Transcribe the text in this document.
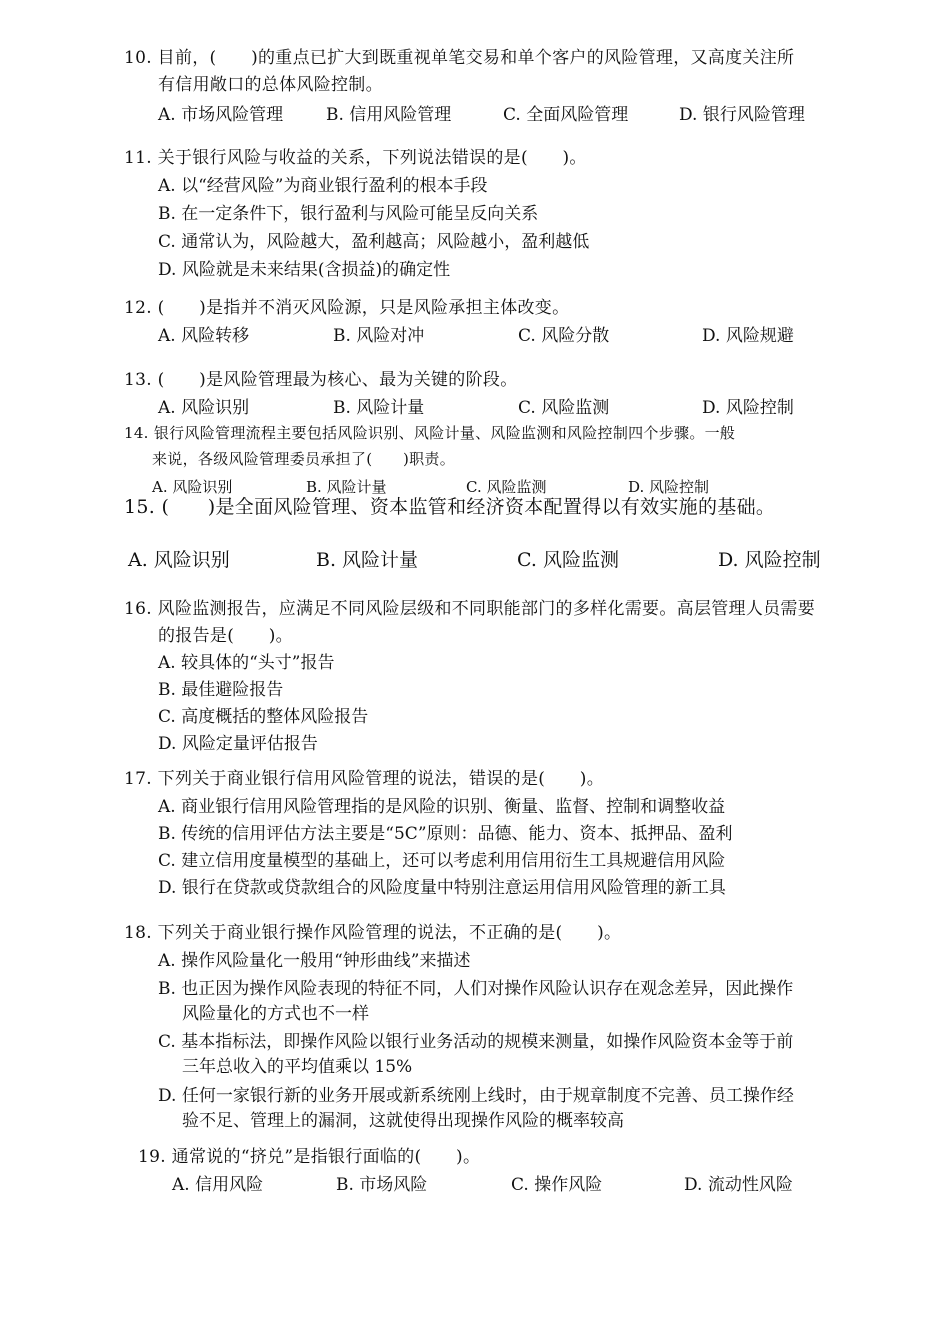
10. 目前，(　　)的重点已扩大到既重视单笔交易和单个客户的风险管理，又高度关注所
有信用敞口的总体风险控制。
A. 市场风险管理	B. 信用风险管理	C. 全面风险管理	D. 银行风险管理
11. 关于银行风险与收益的关系，下列说法错误的是(　　)。
A. 以“经营风险”为商业银行盈利的根本手段
B. 在一定条件下，银行盈利与风险可能呈反向关系
C. 通常认为，风险越大，盈利越高；风险越小，盈利越低
D. 风险就是未来结果(含损益)的确定性
12. (　　)是指并不消灭风险源，只是风险承担主体改变。
A. 风险转移	B. 风险对冲	C. 风险分散	D. 风险规避
13. (　　)是风险管理最为核心、最为关键的阶段。
A. 风险识别	B. 风险计量	C. 风险监测	D. 风险控制
14. 银行风险管理流程主要包括风险识别、风险计量、风险监测和风险控制四个步骤。一般
来说，各级风险管理委员承担了(　　)职责。
A. 风险识别	B. 风险计量	C. 风险监测	D. 风险控制
15. (　　)是全面风险管理、资本监管和经济资本配置得以有效实施的基础。
A. 风险识别	B. 风险计量	C. 风险监测	D. 风险控制
16. 风险监测报告，应满足不同风险层级和不同职能部门的多样化需要。高层管理人员需要
的报告是(　　)。
A. 较具体的“头寸”报告
B. 最佳避险报告
C. 高度概括的整体风险报告
D. 风险定量评估报告
17. 下列关于商业银行信用风险管理的说法，错误的是(　　)。
A. 商业银行信用风险管理指的是风险的识别、衡量、监督、控制和调整收益
B. 传统的信用评估方法主要是“5C”原则：品德、能力、资本、抵押品、盈利
C. 建立信用度量模型的基础上，还可以考虑利用信用衍生工具规避信用风险
D. 银行在贷款或贷款组合的风险度量中特别注意运用信用风险管理的新工具
18. 下列关于商业银行操作风险管理的说法，不正确的是(　　)。
A. 操作风险量化一般用“钟形曲线”来描述
B. 也正因为操作风险表现的特征不同，人们对操作风险认识存在观念差异，因此操作
风险量化的方式也不一样
C. 基本指标法，即操作风险以银行业务活动的规模来测量，如操作风险资本金等于前
三年总收入的平均值乘以 15%
D. 任何一家银行新的业务开展或新系统刚上线时，由于规章制度不完善、员工操作经
验不足、管理上的漏洞，这就使得出现操作风险的概率较高
19. 通常说的“挤兑”是指银行面临的(　　)。
A. 信用风险	B. 市场风险	C. 操作风险	D. 流动性风险
